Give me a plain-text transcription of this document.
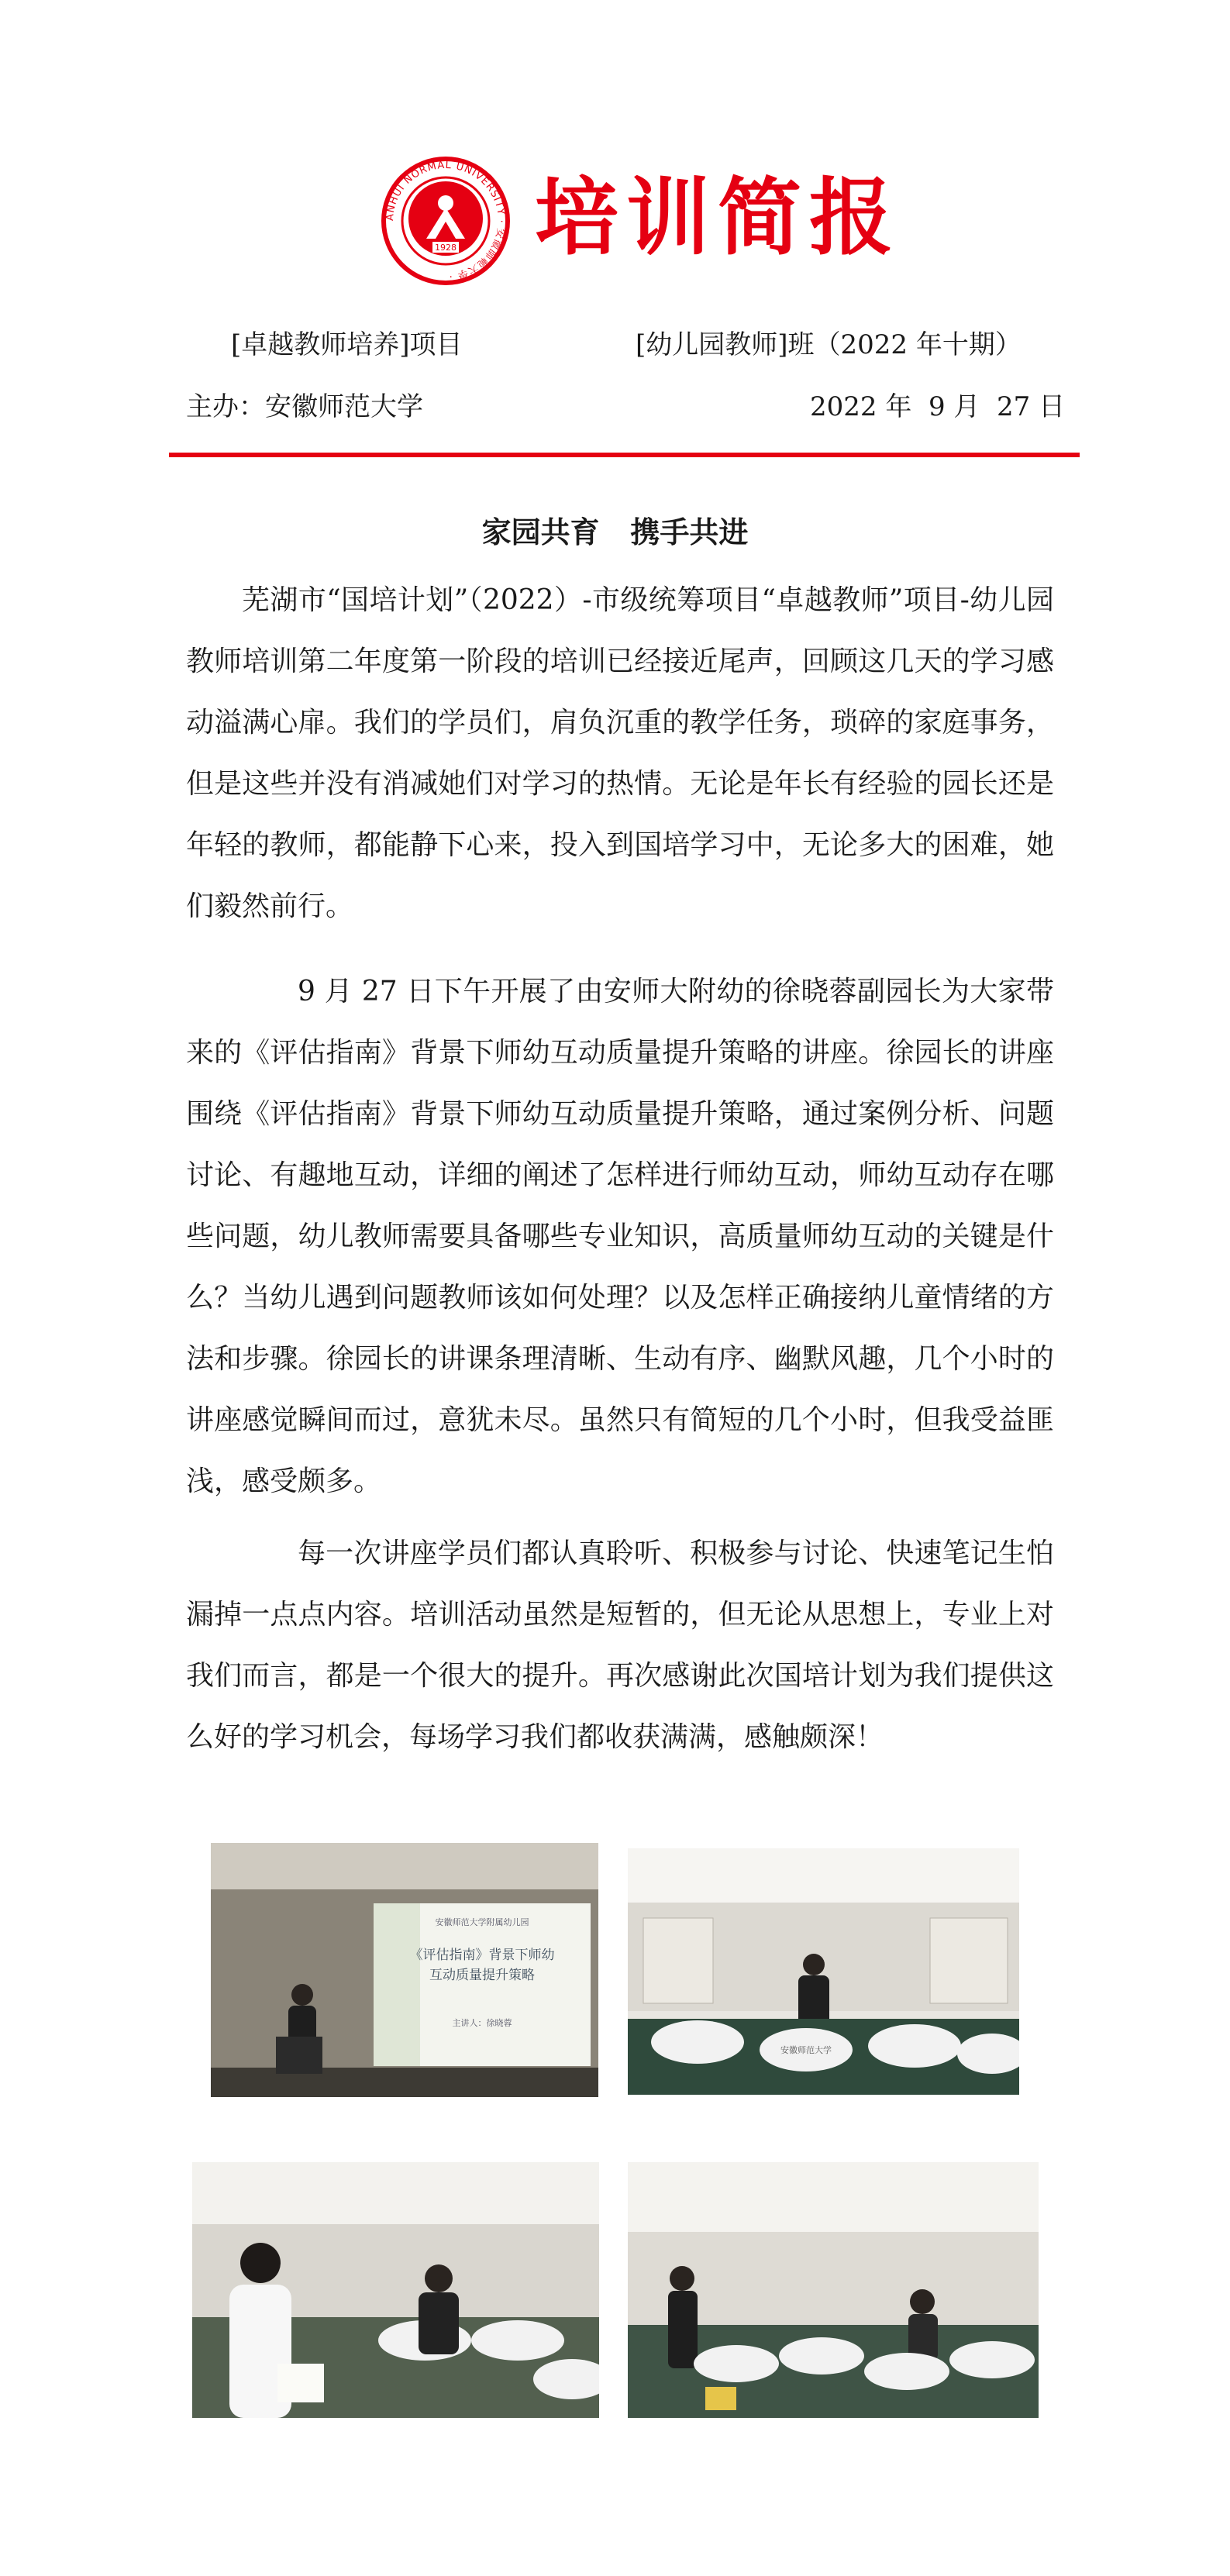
ANHUI NORMAL UNIVERSITY · 安徽師範大學 ·
1928 培训简报
[卓越教师培养]项目	[幼儿园教师]班（2022 年十期）
主办：安徽师范大学	2022 年  9 月  27 日
家园共育   携手共进
芜湖市“国培计划”（2022）-市级统筹项目“卓越教师”项目-幼儿园教师培训第二年度第一阶段的培训已经接近尾声，回顾这几天的学习感动溢满心扉。我们的学员们，肩负沉重的教学任务，琐碎的家庭事务，但是这些并没有消减她们对学习的热情。无论是年长有经验的园长还是年轻的教师，都能静下心来，投入到国培学习中，无论多大的困难，她们毅然前行。
9 月 27 日下午开展了由安师大附幼的徐晓蓉副园长为大家带来的《评估指南》背景下师幼互动质量提升策略的讲座。徐园长的讲座围绕《评估指南》背景下师幼互动质量提升策略，通过案例分析、问题讨论、有趣地互动，详细的阐述了怎样进行师幼互动，师幼互动存在哪些问题，幼儿教师需要具备哪些专业知识，高质量师幼互动的关键是什么？当幼儿遇到问题教师该如何处理？以及怎样正确接纳儿童情绪的方法和步骤。徐园长的讲课条理清晰、生动有序、幽默风趣，几个小时的讲座感觉瞬间而过，意犹未尽。虽然只有简短的几个小时，但我受益匪浅，感受颇多。
每一次讲座学员们都认真聆听、积极参与讨论、快速笔记生怕漏掉一点点内容。培训活动虽然是短暂的，但无论从思想上，专业上对我们而言，都是一个很大的提升。再次感谢此次国培计划为我们提供这么好的学习机会，每场学习我们都收获满满，感触颇深！
安徽师范大学附属幼儿园
《评估指南》背景下师幼
互动质量提升策略
主讲人：徐晓蓉
安徽师范大学
